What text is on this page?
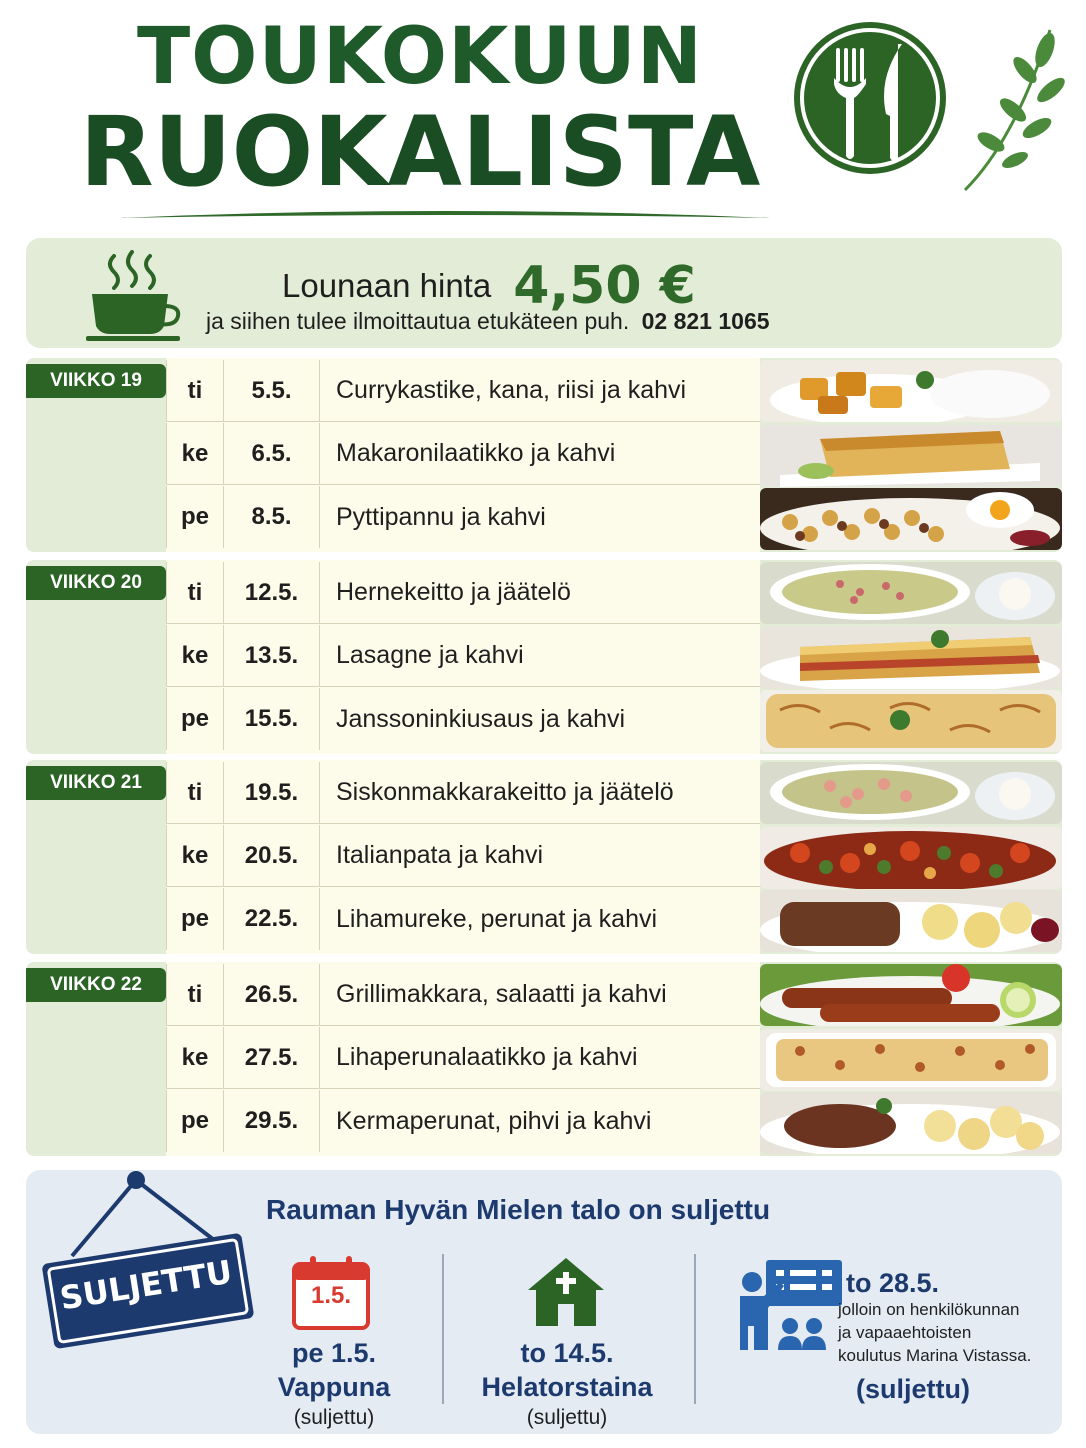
TOUKOKUUN
RUOKALISTA
Lounaan hinta 4,50 €
ja siihen tulee ilmoittautua etukäteen puh. 02 821 1065
VIIKKO 19	ti	5.5.	Currykastike, kana, riisi ja kahvi
ke	6.5.	Makaronilaatikko ja kahvi
pe	8.5.	Pyttipannu ja kahvi
VIIKKO 20	ti	12.5.	Hernekeitto ja jäätelö
ke	13.5.	Lasagne ja kahvi
pe	15.5.	Janssoninkiusaus ja kahvi
VIIKKO 21	ti	19.5.	Siskonmakkarakeitto ja jäätelö
ke	20.5.	Italianpata ja kahvi
pe	22.5.	Lihamureke, perunat ja kahvi
VIIKKO 22	ti	26.5.	Grillimakkara, salaatti ja kahvi
ke	27.5.	Lihaperunalaatikko ja kahvi
pe	29.5.	Kermaperunat, pihvi ja kahvi
SULJETTU
Rauman Hyvän Mielen talo on suljettu
1.5.
pe 1.5.
Vappuna
(suljettu)
to 14.5.
Helatorstaina
(suljettu)
to 28.5.
jolloin on henkilökunnan
ja vapaaehtoisten
koulutus Marina Vistassa.
(suljettu)
